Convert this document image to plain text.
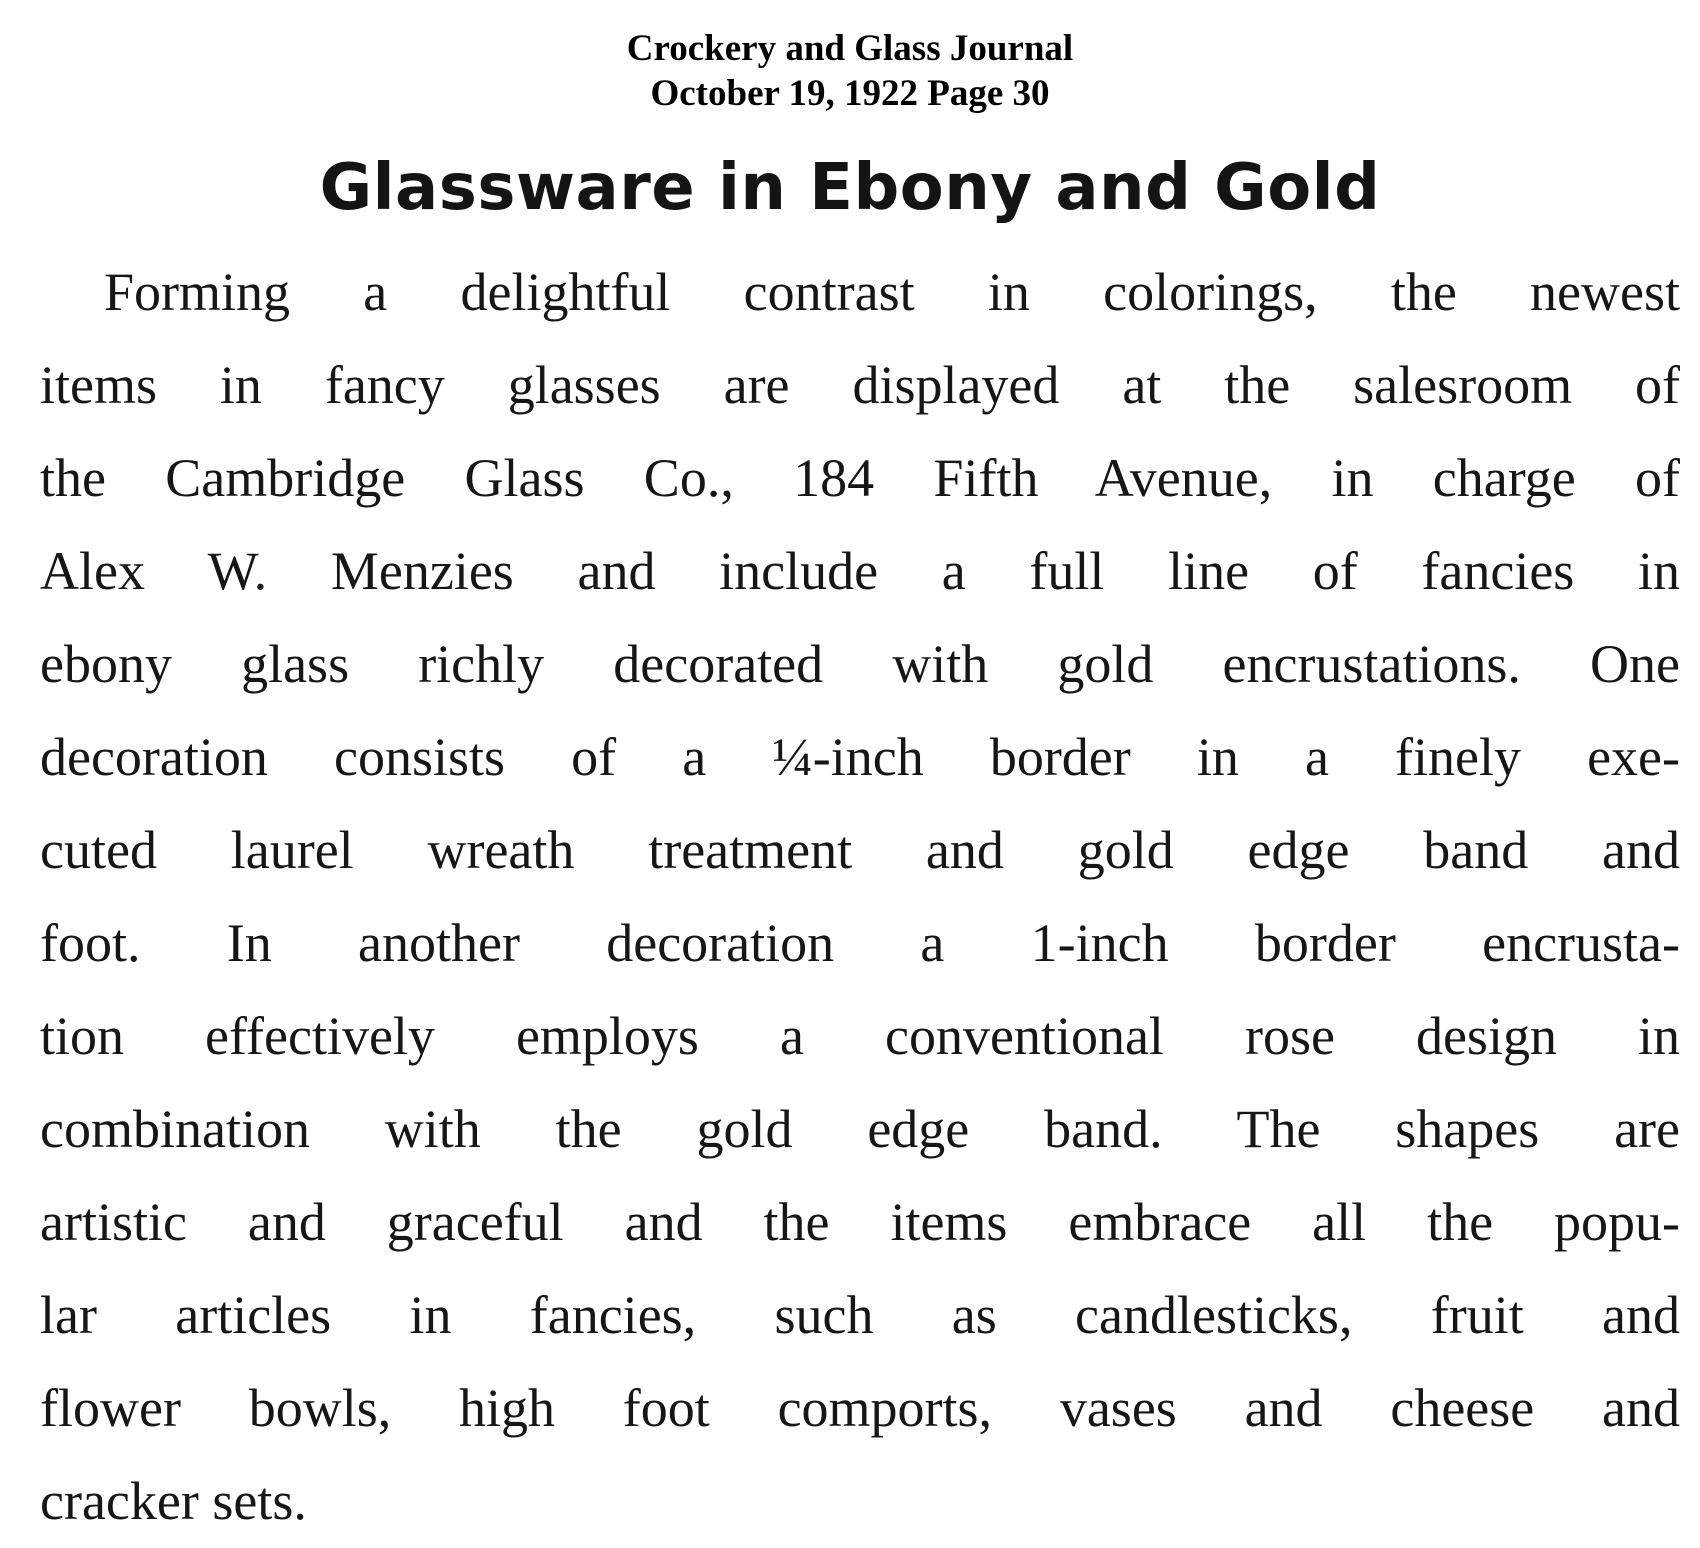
Crockery and Glass Journal
October 19, 1922 Page 30
Glassware in Ebony and Gold
Forming a delightful contrast in colorings, the newest
items in fancy glasses are displayed at the salesroom of
the Cambridge Glass Co., 184 Fifth Avenue, in charge of
Alex W. Menzies and include a full line of fancies in
ebony glass richly decorated with gold encrustations. One
decoration consists of a ¼-inch border in a finely exe-
cuted laurel wreath treatment and gold edge band and
foot. In another decoration a 1-inch border encrusta-
tion effectively employs a conventional rose design in
combination with the gold edge band. The shapes are
artistic and graceful and the items embrace all the popu-
lar articles in fancies, such as candlesticks, fruit and
flower bowls, high foot comports, vases and cheese and
cracker sets.
